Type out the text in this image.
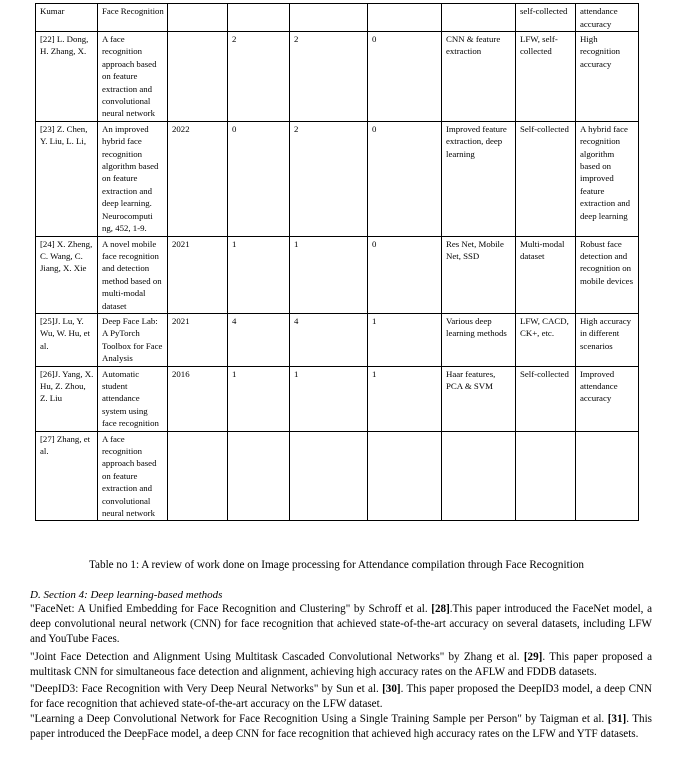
Kumar	Face Recognition						self-collected	attendance accuracy
[22] L. Dong, H. Zhang, X.	A face recognition approach based on feature extraction and convolutional neural network		2	2	0	CNN & feature extraction	LFW, self-collected	High recognition accuracy
[23] Z. Chen, Y. Liu, L. Li,	An improved hybrid face recognition algorithm based on feature extraction and deep learning. Neurocomputi ng, 452, 1-9.	2022	0	2	0	Improved feature extraction, deep learning	Self-collected	A hybrid face recognition algorithm based on improved feature extraction and deep learning
[24] X. Zheng, C. Wang, C. Jiang, X. Xie	A novel mobile face recognition and detection method based on multi-modal dataset	2021	1	1	0	Res Net, Mobile Net, SSD	Multi-modal dataset	Robust face detection and recognition on mobile devices
[25]J. Lu, Y. Wu, W. Hu, et al.	Deep Face Lab: A PyTorch Toolbox for Face Analysis	2021	4	4	1	Various deep learning methods	LFW, CACD, CK+, etc.	High accuracy in different scenarios
[26]J. Yang, X. Hu, Z. Zhou, Z. Liu	Automatic student attendance system using face recognition	2016	1	1	1	Haar features, PCA & SVM	Self-collected	Improved attendance accuracy
[27] Zhang, et al.	A face recognition approach based on feature extraction and convolutional neural network							
Table no 1: A review of work done on Image processing for Attendance compilation through Face Recognition
D. Section 4: Deep learning-based methods
"FaceNet: A Unified Embedding for Face Recognition and Clustering" by Schroff et al. [28].This paper introduced the FaceNet model, a deep convolutional neural network (CNN) for face recognition that achieved state-of-the-art accuracy on several datasets, including LFW and YouTube Faces.
"Joint Face Detection and Alignment Using Multitask Cascaded Convolutional Networks" by Zhang et al. [29]. This paper proposed a multitask CNN for simultaneous face detection and alignment, achieving high accuracy rates on the AFLW and FDDB datasets.
"DeepID3: Face Recognition with Very Deep Neural Networks" by Sun et al. [30]. This paper proposed the DeepID3 model, a deep CNN for face recognition that achieved state-of-the-art accuracy on the LFW dataset.
"Learning a Deep Convolutional Network for Face Recognition Using a Single Training Sample per Person" by Taigman et al. [31]. This paper introduced the DeepFace model, a deep CNN for face recognition that achieved high accuracy rates on the LFW and YTF datasets.
